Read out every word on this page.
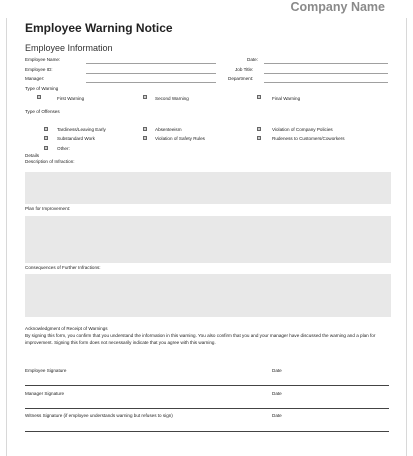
Company Name
Employee Warning Notice
Employee Information
Employee Name:	Date:
Employee ID:	Job Title:
Manager:	Department:
Type of Warning
First Warning	Second Warning	Final Warning
Type of Offenses
Tardiness/Leaving Early	Absenteeism	Violation of Company Policies
Substandard Work	Violation of Safety Rules	Rudeness to Customers/Coworkers
Other:
Details
Description of Infraction:
Plan for Improvement:
Consequences of Further Infractions:
Acknowledgment of Receipt of Warnings
By signing this form, you confirm that you understand the information in this warning. You also confirm that you and your manager have discussed the warning and a plan for improvement. Signing this form does not necessarily indicate that you agree with this warning.
Employee Signature	Date
Manager Signature	Date
Witness Signature (if employee understands warning but refuses to sign)	Date
